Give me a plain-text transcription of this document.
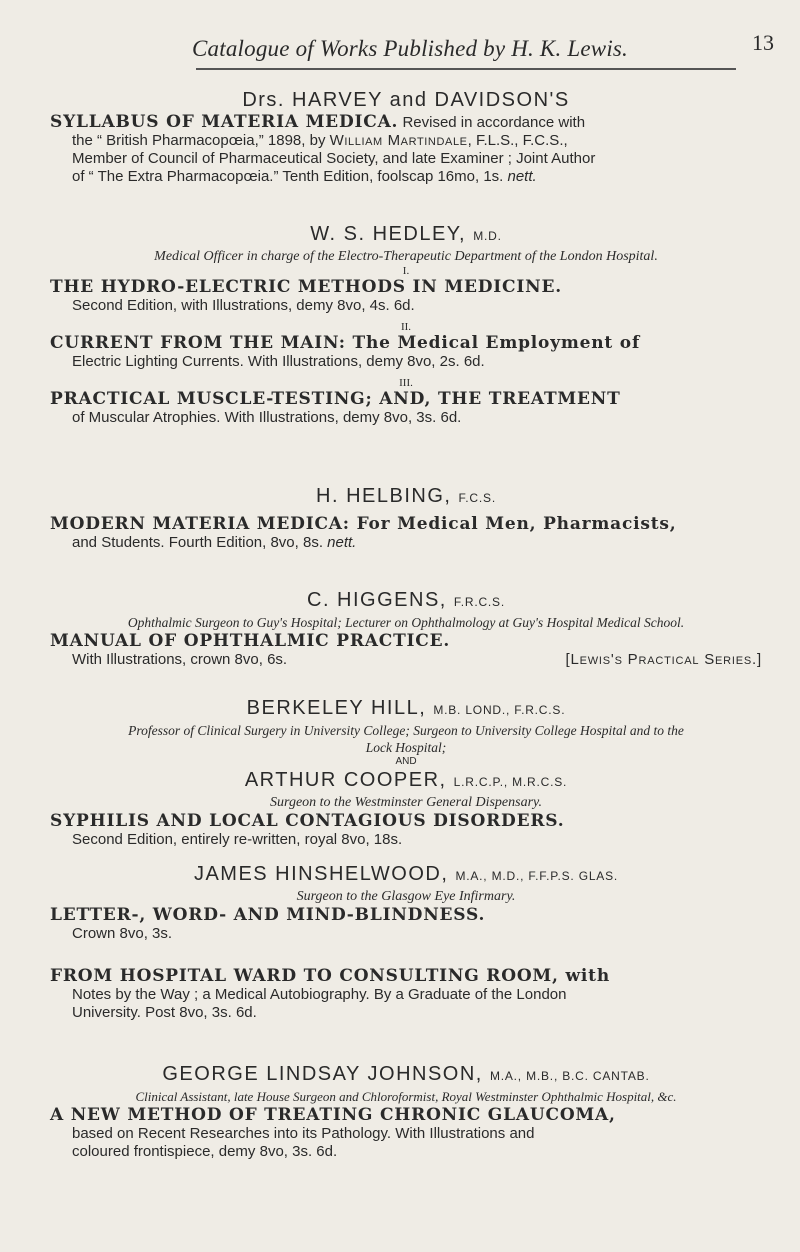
Catalogue of Works Published by H. K. Lewis.	13
Drs. HARVEY and DAVIDSON'S
SYLLABUS OF MATERIA MEDICA. Revised in accordance with
the “ British Pharmacopœia,” 1898, by William Martindale, F.L.S., F.C.S.,
Member of Council of Pharmaceutical Society, and late Examiner ; Joint Author
of “ The Extra Pharmacopœia.” Tenth Edition, foolscap 16mo, 1s. nett.
W. S. HEDLEY, M.D.
Medical Officer in charge of the Electro-Therapeutic Department of the London Hospital.
I.
THE HYDRO-ELECTRIC METHODS IN MEDICINE.
Second Edition, with Illustrations, demy 8vo, 4s. 6d.
II.
CURRENT FROM THE MAIN: The Medical Employment of
Electric Lighting Currents. With Illustrations, demy 8vo, 2s. 6d.
III.
PRACTICAL MUSCLE-TESTING; AND, THE TREATMENT
of Muscular Atrophies. With Illustrations, demy 8vo, 3s. 6d.
H. HELBING, F.C.S.
MODERN MATERIA MEDICA: For Medical Men, Pharmacists,
and Students. Fourth Edition, 8vo, 8s. nett.
C. HIGGENS, F.R.C.S.
Ophthalmic Surgeon to Guy's Hospital; Lecturer on Ophthalmology at Guy's Hospital Medical School.
MANUAL OF OPHTHALMIC PRACTICE.
With Illustrations, crown 8vo, 6s.	[Lewis's Practical Series.]
BERKELEY HILL, M.B. LOND., F.R.C.S.
Professor of Clinical Surgery in University College; Surgeon to University College Hospital and to the
Lock Hospital;
AND
ARTHUR COOPER, L.R.C.P., M.R.C.S.
Surgeon to the Westminster General Dispensary.
SYPHILIS AND LOCAL CONTAGIOUS DISORDERS.
Second Edition, entirely re-written, royal 8vo, 18s.
JAMES HINSHELWOOD, M.A., M.D., F.F.P.S. GLAS.
Surgeon to the Glasgow Eye Infirmary.
LETTER-, WORD- AND MIND-BLINDNESS.
Crown 8vo, 3s.
FROM HOSPITAL WARD TO CONSULTING ROOM, with
Notes by the Way ; a Medical Autobiography. By a Graduate of the London
University. Post 8vo, 3s. 6d.
GEORGE LINDSAY JOHNSON, M.A., M.B., B.C. CANTAB.
Clinical Assistant, late House Surgeon and Chloroformist, Royal Westminster Ophthalmic Hospital, &c.
A NEW METHOD OF TREATING CHRONIC GLAUCOMA,
based on Recent Researches into its Pathology. With Illustrations and
coloured frontispiece, demy 8vo, 3s. 6d.
